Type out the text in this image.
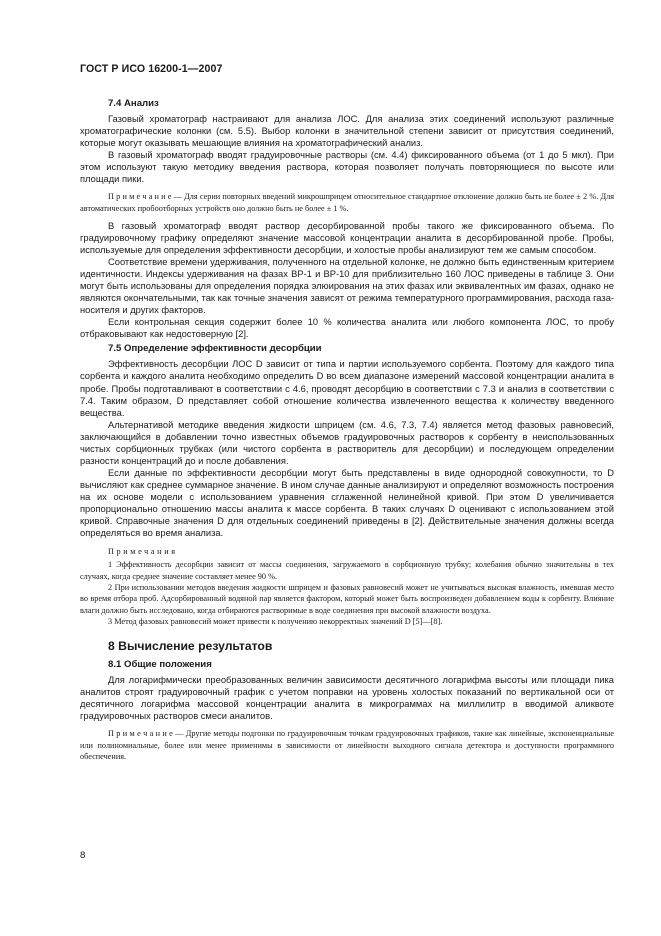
ГОСТ Р ИСО 16200-1—2007

7.4 Анализ

Газовый хроматограф настраивают для анализа ЛОС. Для анализа этих соединений используют различные хроматографические колонки (см. 5.5). Выбор колонки в значительной степени зависит от присутствия соединений, которые могут оказывать мешающие влияния на хроматографический анализ.

В газовый хроматограф вводят градуировочные растворы (см. 4.4) фиксированного объема (от 1 до 5 мкл). При этом используют такую методику введения раствора, которая позволяет получать повторяющиеся по высоте или площади пики.

П р и м е ч а н и е — Для серии повторных введений микрошприцем относительное стандартное отклонение должно быть не более ± 2 %. Для автоматических пробоотборных устройств оно должно быть не более ± 1 %.

В газовый хроматограф вводят раствор десорбированной пробы такого же фиксированного объема. По градуировочному графику определяют значение массовой концентрации аналита в десорбированной пробе. Пробы, используемые для определения эффективности десорбции, и холостые пробы анализируют тем же самым способом.

Соответствие времени удерживания, полученного на отдельной колонке, не должно быть единственным критерием идентичности. Индексы удерживания на фазах BP-1 и BP-10 для приблизительно 160 ЛОС приведены в таблице 3. Они могут быть использованы для определения порядка элюирования на этих фазах или эквивалентных им фазах, однако не являются окончательными, так как точные значения зависят от режима температурного программирования, расхода газа-носителя и других факторов.

Если контрольная секция содержит более 10 % количества аналита или любого компонента ЛОС, то пробу отбраковывают как недостоверную [2].

7.5 Определение эффективности десорбции

Эффективность десорбции ЛОС D зависит от типа и партии используемого сорбента. Поэтому для каждого типа сорбента и каждого аналита необходимо определить D во всем диапазоне измерений массовой концентрации аналита в пробе. Пробы подготавливают в соответствии с 4.6, проводят десорбцию в соответствии с 7.3 и анализ в соответствии с 7.4. Таким образом, D представляет собой отношение количества извлеченного вещества к количеству введенного вещества.

Альтернативой методике введения жидкости шприцем (см. 4.6, 7.3, 7.4) является метод фазовых равновесий, заключающийся в добавлении точно известных объемов градуировочных растворов к сорбенту в неиспользованных чистых сорбционных трубках (или чистого сорбента в растворитель для десорбции) и последующем определении разности концентраций до и после добавления.

Если данные по эффективности десорбции могут быть представлены в виде однородной совокупности, то D вычисляют как среднее суммарное значение. В ином случае данные анализируют и определяют возможность построения на их основе модели с использованием уравнения сглаженной нелинейной кривой. При этом D увеличивается пропорционально отношению массы аналита к массе сорбента. В таких случаях D оценивают с использованием этой кривой. Справочные значения D для отдельных соединений приведены в [2]. Действительные значения должны всегда определяться во время анализа.

Примечания

1 Эффективность десорбции зависит от массы соединения, загружаемого в сорбционную трубку; колебания обычно значительны в тех случаях, когда среднее значение составляет менее 90 %.

2 При использовании методов введения жидкости шприцем и фазовых равновесий может не учитываться высокая влажность, имевшая место во время отбора проб. Адсорбированный водяной пар является фактором, который может быть воспроизведен добавлением воды к сорбенту. Влияние влаги должно быть исследовано, когда отбираются растворимые в воде соединения при высокой влажности воздуха.

3 Метод фазовых равновесий может привести к получению некорректных значений D [5]—[8].

8 Вычисление результатов

8.1 Общие положения

Для логарифмически преобразованных величин зависимости десятичного логарифма высоты или площади пика аналитов строят градуировочный график с учетом поправки на уровень холостых показаний по вертикальной оси от десятичного логарифма массовой концентрации аналита в микрограммах на миллилитр в вводимой аликвоте градуировочных растворов смеси аналитов.

П р и м е ч а н и е — Другие методы подгонки по градуировочным точкам градуировочных графиков, такие как линейные, экспоненциальные или полиномиальные, более или менее применимы в зависимости от линейности выходного сигнала детектора и доступности программного обеспечения.

8
